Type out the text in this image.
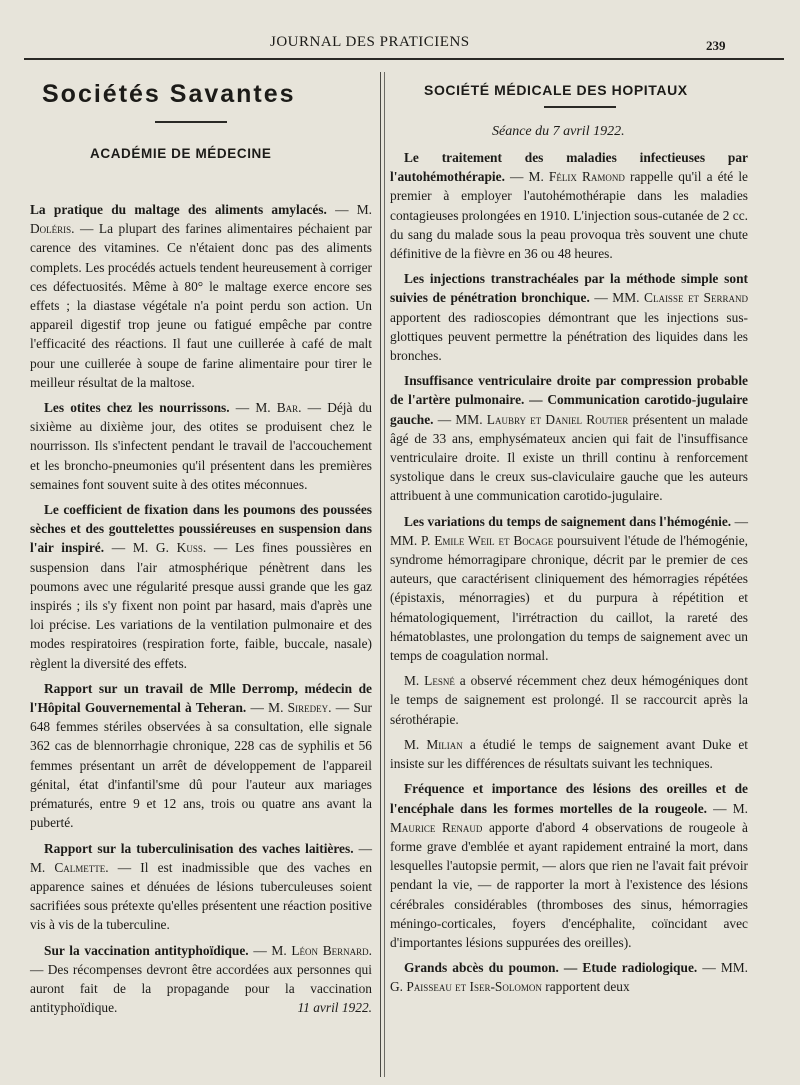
JOURNAL DES PRATICIENS	239
Sociétés Savantes
ACADÉMIE DE MÉDECINE

La pratique du maltage des aliments amylacés. — M. Doléris. — La plupart des farines alimentaires péchaient par carence des vitamines. Ce n'étaient donc pas des aliments complets. Les procédés actuels tendent heureusement à corriger ces défectuosités. Même à 80° le maltage exerce encore ses effets ; la diastase végétale n'a point perdu son action. Un appareil digestif trop jeune ou fatigué empêche par contre l'efficacité des réactions. Il faut une cuillerée à café de malt pour une cuillerée à soupe de farine alimentaire pour tirer le meilleur résultat de la maltose.

Les otites chez les nourrissons. — M. Bar. — Déjà du sixième au dixième jour, des otites se produisent chez le nourrisson. Ils s'infectent pendant le travail de l'accouchement et les broncho-pneumonies qu'il présentent dans les premières semaines font souvent suite à des otites méconnues.

Le coefficient de fixation dans les poumons des poussées sèches et des gouttelettes poussiéreuses en suspension dans l'air inspiré. — M. G. Kuss. — Les fines poussières en suspension dans l'air atmosphérique pénètrent dans les poumons avec une régularité presque aussi grande que les gaz inspirés ; ils s'y fixent non point par hasard, mais d'après une loi précise. Les variations de la ventilation pulmonaire et des modes respiratoires (respiration forte, faible, buccale, nasale) règlent la diversité des effets.

Rapport sur un travail de Mlle Derromp, médecin de l'Hôpital Gouvernemental à Teheran. — M. Siredey. — Sur 648 femmes stériles observées à sa consultation, elle signale 362 cas de blennorrhagie chronique, 228 cas de syphilis et 56 femmes présentant un arrêt de développement de l'appareil génital, état d'infantil'sme dû pour l'auteur aux mariages prématurés, entre 9 et 12 ans, trois ou quatre ans avant la puberté.

Rapport sur la tuberculinisation des vaches laitières. — M. Calmette. — Il est inadmissible que des vaches en apparence saines et dénuées de lésions tuberculeuses soient sacrifiées sous prétexte qu'elles présentent une réaction positive vis à vis de la tuberculine.

Sur la vaccination antityphoïdique. — M. Léon Bernard. — Des récompenses devront être accordées aux personnes qui auront fait de la propagande pour la vaccination antityphoïdique.	11 avril 1922.

SOCIÉTÉ MÉDICALE DES HOPITAUX
Séance du 7 avril 1922.

Le traitement des maladies infectieuses par l'autohémothérapie. — M. Félix Ramond rappelle qu'il a été le premier à employer l'autohémothérapie dans les maladies contagieuses prolongées en 1910. L'injection sous-cutanée de 2 cc. du sang du malade sous la peau provoqua très souvent une chute définitive de la fièvre en 36 ou 48 heures.

Les injections transtrachéales par la méthode simple sont suivies de pénétration bronchique. — MM. Claisse et Serrand apportent des radioscopies démontrant que les injections sus-glottiques peuvent permettre la pénétration des liquides dans les bronches.

Insuffisance ventriculaire droite par compression probable de l'artère pulmonaire. — Communication carotido-jugulaire gauche. — MM. Laubry et Daniel Routier présentent un malade âgé de 33 ans, emphysémateux ancien qui fait de l'insuffisance ventriculaire droite. Il existe un thrill continu à renforcement systolique dans le creux sus-claviculaire gauche que les auteurs attribuent à une communication carotido-jugulaire.

Les variations du temps de saignement dans l'hémogénie. — MM. P. Emile Weil et Bocage poursuivent l'étude de l'hémogénie, syndrome hémorragipare chronique, décrit par le premier de ces auteurs, que caractérisent cliniquement des hémorragies répétées (épistaxis, ménorragies) et du purpura à répétition et hématologiquement, l'irrétraction du caillot, la rareté des hématoblastes, une prolongation du temps de saignement avec un temps de coagulation normal.

M. Lesné a observé récemment chez deux hémogéniques dont le temps de saignement est prolongé. Il se raccourcit après la sérothérapie.

M. Milian a étudié le temps de saignement avant Duke et insiste sur les différences de résultats suivant les techniques.

Fréquence et importance des lésions des oreilles et de l'encéphale dans les formes mortelles de la rougeole. — M. Maurice Renaud apporte d'abord 4 observations de rougeole à forme grave d'emblée et ayant rapidement entrainé la mort, dans lesquelles l'autopsie permit, — alors que rien ne l'avait fait prévoir pendant la vie, — de rapporter la mort à l'existence des lésions cérébrales considérables (thromboses des sinus, hémorragies méningo-corticales, foyers d'encéphalite, coïncidant avec d'importantes lésions suppurées des oreilles).

Grands abcès du poumon. — Etude radiologique. — MM. G. Paisseau et Iser-Solomon rapportent deux
